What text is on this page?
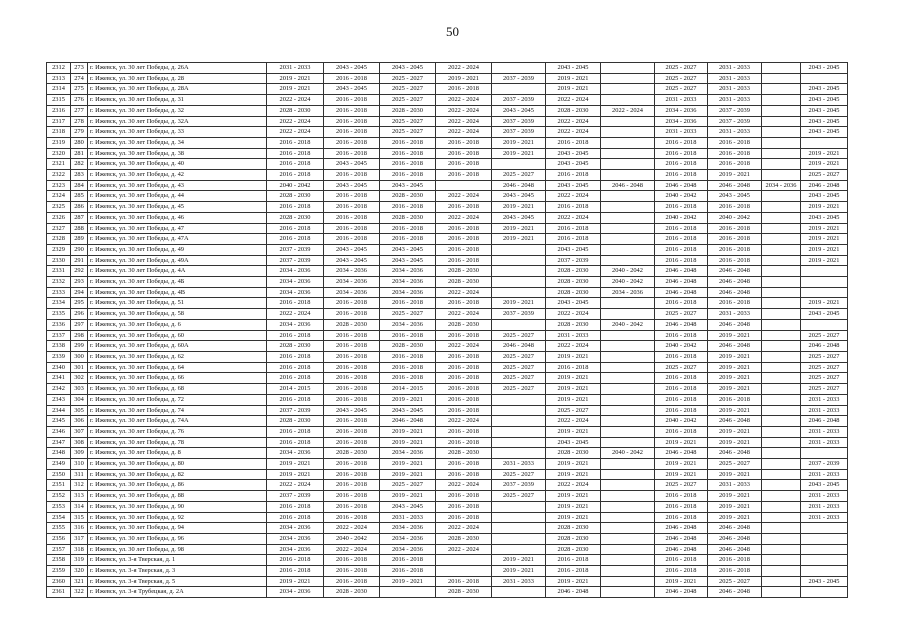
50
2312	273	г. Ижевск, ул. 30 лет Победы, д. 26А	2031 - 2033	2043 - 2045	2043 - 2045	2022 - 2024		2043 - 2045		2025 - 2027	2031 - 2033		2043 - 2045
2313	274	г. Ижевск, ул. 30 лет Победы, д. 28	2019 - 2021	2016 - 2018	2025 - 2027	2019 - 2021	2037 - 2039	2019 - 2021		2025 - 2027	2031 - 2033		
2314	275	г. Ижевск, ул. 30 лет Победы, д. 28А	2019 - 2021	2043 - 2045	2025 - 2027	2016 - 2018		2019 - 2021		2025 - 2027	2031 - 2033		2043 - 2045
2315	276	г. Ижевск, ул. 30 лет Победы, д. 31	2022 - 2024	2016 - 2018	2025 - 2027	2022 - 2024	2037 - 2039	2022 - 2024		2031 - 2033	2031 - 2033		2043 - 2045
2316	277	г. Ижевск, ул. 30 лет Победы, д. 32	2028 - 2030	2016 - 2018	2028 - 2030	2022 - 2024	2043 - 2045	2028 - 2030	2022 - 2024	2034 - 2036	2037 - 2039		2043 - 2045
2317	278	г. Ижевск, ул. 30 лет Победы, д. 32А	2022 - 2024	2016 - 2018	2025 - 2027	2022 - 2024	2037 - 2039	2022 - 2024		2034 - 2036	2037 - 2039		2043 - 2045
2318	279	г. Ижевск, ул. 30 лет Победы, д. 33	2022 - 2024	2016 - 2018	2025 - 2027	2022 - 2024	2037 - 2039	2022 - 2024		2031 - 2033	2031 - 2033		2043 - 2045
2319	280	г. Ижевск, ул. 30 лет Победы, д. 34	2016 - 2018	2016 - 2018	2016 - 2018	2016 - 2018	2019 - 2021	2016 - 2018		2016 - 2018	2016 - 2018		
2320	281	г. Ижевск, ул. 30 лет Победы, д. 38	2016 - 2018	2016 - 2018	2016 - 2018	2016 - 2018	2019 - 2021	2043 - 2045		2016 - 2018	2016 - 2018		2019 - 2021
2321	282	г. Ижевск, ул. 30 лет Победы, д. 40	2016 - 2018	2043 - 2045	2016 - 2018	2016 - 2018		2043 - 2045		2016 - 2018	2016 - 2018		2019 - 2021
2322	283	г. Ижевск, ул. 30 лет Победы, д. 42	2016 - 2018	2016 - 2018	2016 - 2018	2016 - 2018	2025 - 2027	2016 - 2018		2016 - 2018	2019 - 2021		2025 - 2027
2323	284	г. Ижевск, ул. 30 лет Победы, д. 43	2040 - 2042	2043 - 2045	2043 - 2045		2046 - 2048	2043 - 2045	2046 - 2048	2046 - 2048	2046 - 2048	2034 - 2036	2046 - 2048
2324	285	г. Ижевск, ул. 30 лет Победы, д. 44	2028 - 2030	2016 - 2018	2028 - 2030	2022 - 2024	2043 - 2045	2022 - 2024		2040 - 2042	2043 - 2045		2043 - 2045
2325	286	г. Ижевск, ул. 30 лет Победы, д. 45	2016 - 2018	2016 - 2018	2016 - 2018	2016 - 2018	2019 - 2021	2016 - 2018		2016 - 2018	2016 - 2018		2019 - 2021
2326	287	г. Ижевск, ул. 30 лет Победы, д. 46	2028 - 2030	2016 - 2018	2028 - 2030	2022 - 2024	2043 - 2045	2022 - 2024		2040 - 2042	2040 - 2042		2043 - 2045
2327	288	г. Ижевск, ул. 30 лет Победы, д. 47	2016 - 2018	2016 - 2018	2016 - 2018	2016 - 2018	2019 - 2021	2016 - 2018		2016 - 2018	2016 - 2018		2019 - 2021
2328	289	г. Ижевск, ул. 30 лет Победы, д. 47А	2016 - 2018	2016 - 2018	2016 - 2018	2016 - 2018	2019 - 2021	2016 - 2018		2016 - 2018	2016 - 2018		2019 - 2021
2329	290	г. Ижевск, ул. 30 лет Победы, д. 49	2037 - 2039	2043 - 2045	2043 - 2045	2016 - 2018		2043 - 2045		2016 - 2018	2016 - 2018		2019 - 2021
2330	291	г. Ижевск, ул. 30 лет Победы, д. 49А	2037 - 2039	2043 - 2045	2043 - 2045	2016 - 2018		2037 - 2039		2016 - 2018	2016 - 2018		2019 - 2021
2331	292	г. Ижевск, ул. 30 лет Победы, д. 4А	2034 - 2036	2034 - 2036	2034 - 2036	2028 - 2030		2028 - 2030	2040 - 2042	2046 - 2048	2046 - 2048		
2332	293	г. Ижевск, ул. 30 лет Победы, д. 4Б	2034 - 2036	2034 - 2036	2034 - 2036	2028 - 2030		2028 - 2030	2040 - 2042	2046 - 2048	2046 - 2048		
2333	294	г. Ижевск, ул. 30 лет Победы, д. 4В	2034 - 2036	2034 - 2036	2034 - 2036	2022 - 2024		2028 - 2030	2034 - 2036	2046 - 2048	2046 - 2048		
2334	295	г. Ижевск, ул. 30 лет Победы, д. 51	2016 - 2018	2016 - 2018	2016 - 2018	2016 - 2018	2019 - 2021	2043 - 2045		2016 - 2018	2016 - 2018		2019 - 2021
2335	296	г. Ижевск, ул. 30 лет Победы, д. 58	2022 - 2024	2016 - 2018	2025 - 2027	2022 - 2024	2037 - 2039	2022 - 2024		2025 - 2027	2031 - 2033		2043 - 2045
2336	297	г. Ижевск, ул. 30 лет Победы, д. 6	2034 - 2036	2028 - 2030	2034 - 2036	2028 - 2030		2028 - 2030	2040 - 2042	2046 - 2048	2046 - 2048		
2337	298	г. Ижевск, ул. 30 лет Победы, д. 60	2016 - 2018	2016 - 2018	2016 - 2018	2016 - 2018	2025 - 2027	2031 - 2033		2016 - 2018	2019 - 2021		2025 - 2027
2338	299	г. Ижевск, ул. 30 лет Победы, д. 60А	2028 - 2030	2016 - 2018	2028 - 2030	2022 - 2024	2046 - 2048	2022 - 2024		2040 - 2042	2046 - 2048		2046 - 2048
2339	300	г. Ижевск, ул. 30 лет Победы, д. 62	2016 - 2018	2016 - 2018	2016 - 2018	2016 - 2018	2025 - 2027	2019 - 2021		2016 - 2018	2019 - 2021		2025 - 2027
2340	301	г. Ижевск, ул. 30 лет Победы, д. 64	2016 - 2018	2016 - 2018	2016 - 2018	2016 - 2018	2025 - 2027	2016 - 2018		2025 - 2027	2019 - 2021		2025 - 2027
2341	302	г. Ижевск, ул. 30 лет Победы, д. 66	2016 - 2018	2016 - 2018	2016 - 2018	2016 - 2018	2025 - 2027	2019 - 2021		2016 - 2018	2019 - 2021		2025 - 2027
2342	303	г. Ижевск, ул. 30 лет Победы, д. 68	2014 - 2015	2016 - 2018	2014 - 2015	2016 - 2018	2025 - 2027	2019 - 2021		2016 - 2018	2019 - 2021		2025 - 2027
2343	304	г. Ижевск, ул. 30 лет Победы, д. 72	2016 - 2018	2016 - 2018	2019 - 2021	2016 - 2018		2019 - 2021		2016 - 2018	2016 - 2018		2031 - 2033
2344	305	г. Ижевск, ул. 30 лет Победы, д. 74	2037 - 2039	2043 - 2045	2043 - 2045	2016 - 2018		2025 - 2027		2016 - 2018	2019 - 2021		2031 - 2033
2345	306	г. Ижевск, ул. 30 лет Победы, д. 74А	2028 - 2030	2016 - 2018	2046 - 2048	2022 - 2024		2022 - 2024		2040 - 2042	2046 - 2048		2046 - 2048
2346	307	г. Ижевск, ул. 30 лет Победы, д. 76	2016 - 2018	2016 - 2018	2019 - 2021	2016 - 2018		2019 - 2021		2016 - 2018	2019 - 2021		2031 - 2033
2347	308	г. Ижевск, ул. 30 лет Победы, д. 78	2016 - 2018	2016 - 2018	2019 - 2021	2016 - 2018		2043 - 2045		2019 - 2021	2019 - 2021		2031 - 2033
2348	309	г. Ижевск, ул. 30 лет Победы, д. 8	2034 - 2036	2028 - 2030	2034 - 2036	2028 - 2030		2028 - 2030	2040 - 2042	2046 - 2048	2046 - 2048		
2349	310	г. Ижевск, ул. 30 лет Победы, д. 80	2019 - 2021	2016 - 2018	2019 - 2021	2016 - 2018	2031 - 2033	2019 - 2021		2019 - 2021	2025 - 2027		2037 - 2039
2350	311	г. Ижевск, ул. 30 лет Победы, д. 82	2019 - 2021	2016 - 2018	2019 - 2021	2016 - 2018	2025 - 2027	2019 - 2021		2019 - 2021	2019 - 2021		2031 - 2033
2351	312	г. Ижевск, ул. 30 лет Победы, д. 86	2022 - 2024	2016 - 2018	2025 - 2027	2022 - 2024	2037 - 2039	2022 - 2024		2025 - 2027	2031 - 2033		2043 - 2045
2352	313	г. Ижевск, ул. 30 лет Победы, д. 88	2037 - 2039	2016 - 2018	2019 - 2021	2016 - 2018	2025 - 2027	2019 - 2021		2016 - 2018	2019 - 2021		2031 - 2033
2353	314	г. Ижевск, ул. 30 лет Победы, д. 90	2016 - 2018	2016 - 2018	2043 - 2045	2016 - 2018		2019 - 2021		2016 - 2018	2019 - 2021		2031 - 2033
2354	315	г. Ижевск, ул. 30 лет Победы, д. 92	2016 - 2018	2016 - 2018	2031 - 2033	2016 - 2018		2019 - 2021		2016 - 2018	2019 - 2021		2031 - 2033
2355	316	г. Ижевск, ул. 30 лет Победы, д. 94	2034 - 2036	2022 - 2024	2034 - 2036	2022 - 2024		2028 - 2030		2046 - 2048	2046 - 2048		
2356	317	г. Ижевск, ул. 30 лет Победы, д. 96	2034 - 2036	2040 - 2042	2034 - 2036	2028 - 2030		2028 - 2030		2046 - 2048	2046 - 2048		
2357	318	г. Ижевск, ул. 30 лет Победы, д. 98	2034 - 2036	2022 - 2024	2034 - 2036	2022 - 2024		2028 - 2030		2046 - 2048	2046 - 2048		
2358	319	г. Ижевск, ул. 3-я Тверская, д. 1	2016 - 2018	2016 - 2018	2016 - 2018		2019 - 2021	2016 - 2018		2016 - 2018	2016 - 2018		
2359	320	г. Ижевск, ул. 3-я Тверская, д. 3	2016 - 2018	2016 - 2018	2016 - 2018		2019 - 2021	2016 - 2018		2016 - 2018	2016 - 2018		
2360	321	г. Ижевск, ул. 3-я Тверская, д. 5	2019 - 2021	2016 - 2018	2019 - 2021	2016 - 2018	2031 - 2033	2019 - 2021		2019 - 2021	2025 - 2027		2043 - 2045
2361	322	г. Ижевск, ул. 3-я Трубецкая, д. 2А	2034 - 2036	2028 - 2030		2028 - 2030		2046 - 2048		2046 - 2048	2046 - 2048		
